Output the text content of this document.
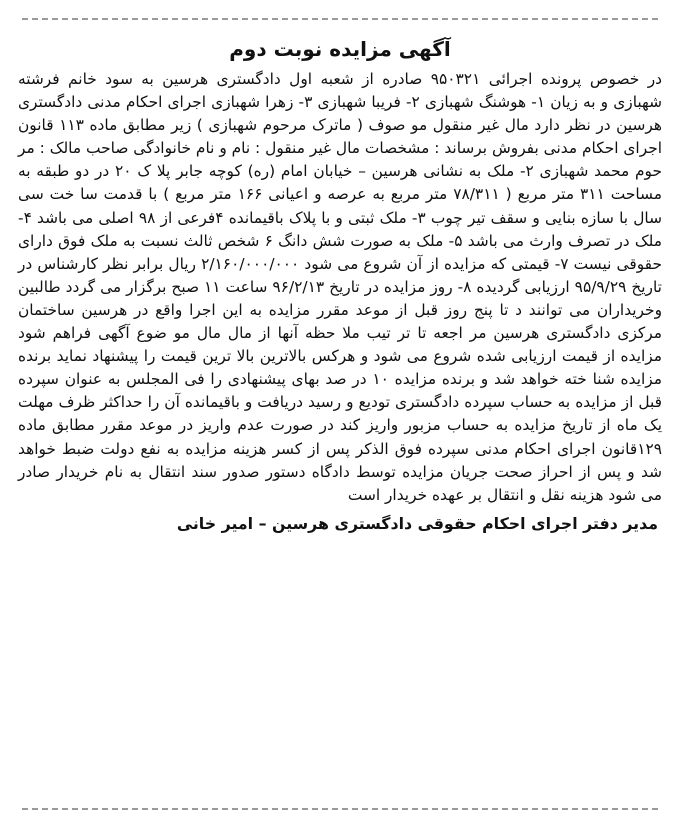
آگهی مزایده نوبت دوم

در خصوص پرونده اجرائی ۹۵۰۳۲۱ صادره از شعبه اول دادگستری هرسین به سود خانم فرشته شهبازی و به زیان ۱- هوشنگ شهبازی ۲- فریبا شهبازی ۳- زهرا شهبازی اجرای احکام مدنی دادگستری هرسین در نظر دارد مال غیر منقول مو صوف ( ماترک مرحوم شهبازی ) زیر مطابق ماده ۱۱۳ قانون اجرای احکام مدنی بفروش برساند : مشخصات مال غیر منقول : نام و نام خانوادگی صاحب مالک : مر حوم محمد شهبازی ۲- ملک به نشانی هرسین – خیابان امام (ره) کوچه جابر پلا ک ۲۰ در دو طبقه به مساحت ۳۱۱ متر مربع ( ۷۸/۳۱۱ متر مربع به عرصه و اعیانی ۱۶۶ متر مربع ) با قدمت سا خت سی سال با سازه بنایی و سقف تیر چوب ۳- ملک ثبتی و با پلاک باقیمانده ۴فرعی از ۹۸ اصلی می باشد ۴- ملک در تصرف وارث می باشد ۵- ملک به صورت شش دانگ ۶ شخص ثالث نسبت به ملک فوق دارای حقوقی نیست ۷- قیمتی که مزایده از آن شروع می شود ۲/۱۶۰/۰۰۰/۰۰۰ ریال برابر نظر کارشناس در تاریخ ۹۵/۹/۲۹ ارزیابی گردیده ۸- روز مزایده در تاریخ ۹۶/۲/۱۳ ساعت ۱۱ صبح برگزار می گردد طالبین وخریداران می توانند د تا پنج روز قبل از موعد مقرر مزایده به این اجرا واقع در هرسین ساختمان مرکزی دادگستری هرسین مر اجعه تا تر تیب ملا حظه آنها از مال مال مو ضوع آگهی فراهم شود مزایده از قیمت ارزیابی شده شروع می شود و هرکس بالاترین بالا ترین قیمت را پیشنهاد نماید برنده مزایده شنا خته خواهد شد و برنده مزایده ۱۰ در صد بهای پیشنهادی را فی المجلس به عنوان سپرده قبل از مزایده به حساب سپرده دادگستری تودیع و رسید دریافت و باقیمانده آن را حداکثر ظرف مهلت یک ماه از تاریخ مزایده به حساب مزبور واریز کند در صورت عدم واریز در موعد مقرر مطابق ماده ۱۲۹قانون اجرای احکام مدنی سپرده فوق الذکر پس از کسر هزینه مزایده به نفع دولت ضبط خواهد شد و پس از احراز صحت جریان مزایده توسط دادگاه دستور صدور سند انتقال به نام خریدار صادر می شود هزینه نقل و انتقال بر عهده خریدار است

مدیر دفتر اجرای احکام حقوقی دادگستری هرسین – امیر خانی
